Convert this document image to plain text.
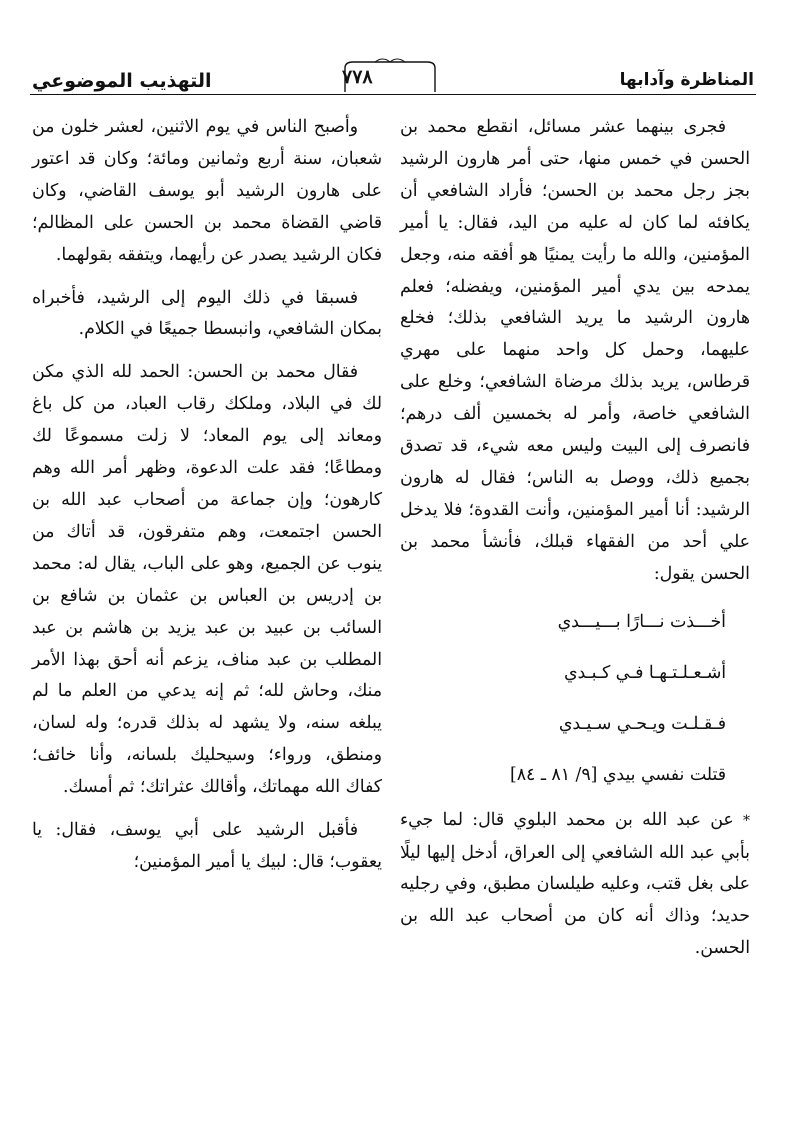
التهذيب الموضوعي	٧٧٨	المناظرة وآدابها

فجرى بينهما عشر مسائل، انقطع محمد بن الحسن في خمس منها، حتى أمر هارون الرشيد بجز رجل محمد بن الحسن؛ فأراد الشافعي أن يكافئه لما كان له عليه من اليد، فقال: يا أمير المؤمنين، والله ما رأيت يمنيًا هو أفقه منه، وجعل يمدحه بين يدي أمير المؤمنين، ويفضله؛ فعلم هارون الرشيد ما يريد الشافعي بذلك؛ فخلع عليهما، وحمل كل واحد منهما على مهري قرطاس، يريد بذلك مرضاة الشافعي؛ وخلع على الشافعي خاصة، وأمر له بخمسين ألف درهم؛ فانصرف إلى البيت وليس معه شيء، قد تصدق بجميع ذلك، ووصل به الناس؛ فقال له هارون الرشيد: أنا أمير المؤمنين، وأنت القدوة؛ فلا يدخل علي أحد من الفقهاء قبلك، فأنشأ محمد بن الحسن يقول:

أخـــذت نـــارًا بـــيـــدي

أشـعـلـتـهـا فـي كـبـدي

فـقـلـت ويـحـي سـيـدي

قتلت نفسي بيدي [٩/ ٨١ ـ ٨٤]

* عن عبد الله بن محمد البلوي قال: لما جيء بأبي عبد الله الشافعي إلى العراق، أدخل إليها ليلًا على بغل قتب، وعليه طيلسان مطبق، وفي رجليه حديد؛ وذاك أنه كان من أصحاب عبد الله بن الحسن.

وأصبح الناس في يوم الاثنين، لعشر خلون من شعبان، سنة أربع وثمانين ومائة؛ وكان قد اعتور على هارون الرشيد أبو يوسف القاضي، وكان قاضي القضاة محمد بن الحسن على المظالم؛ فكان الرشيد يصدر عن رأيهما، ويتفقه بقولهما.

فسبقا في ذلك اليوم إلى الرشيد، فأخبراه بمكان الشافعي، وانبسطا جميعًا في الكلام.

فقال محمد بن الحسن: الحمد لله الذي مكن لك في البلاد، وملكك رقاب العباد، من كل باغ ومعاند إلى يوم المعاد؛ لا زلت مسموعًا لك ومطاعًا؛ فقد علت الدعوة، وظهر أمر الله وهم كارهون؛ وإن جماعة من أصحاب عبد الله بن الحسن اجتمعت، وهم متفرقون، قد أتاك من ينوب عن الجميع، وهو على الباب، يقال له: محمد بن إدريس بن العباس بن عثمان بن شافع بن السائب بن عبيد بن عبد يزيد بن هاشم بن عبد المطلب بن عبد مناف، يزعم أنه أحق بهذا الأمر منك، وحاش لله؛ ثم إنه يدعي من العلم ما لم يبلغه سنه، ولا يشهد له بذلك قدره؛ وله لسان، ومنطق، ورواء؛ وسيحليك بلسانه، وأنا خائف؛ كفاك الله مهماتك، وأقالك عثراتك؛ ثم أمسك.

فأقبل الرشيد على أبي يوسف، فقال: يا يعقوب؛ قال: لبيك يا أمير المؤمنين؛
